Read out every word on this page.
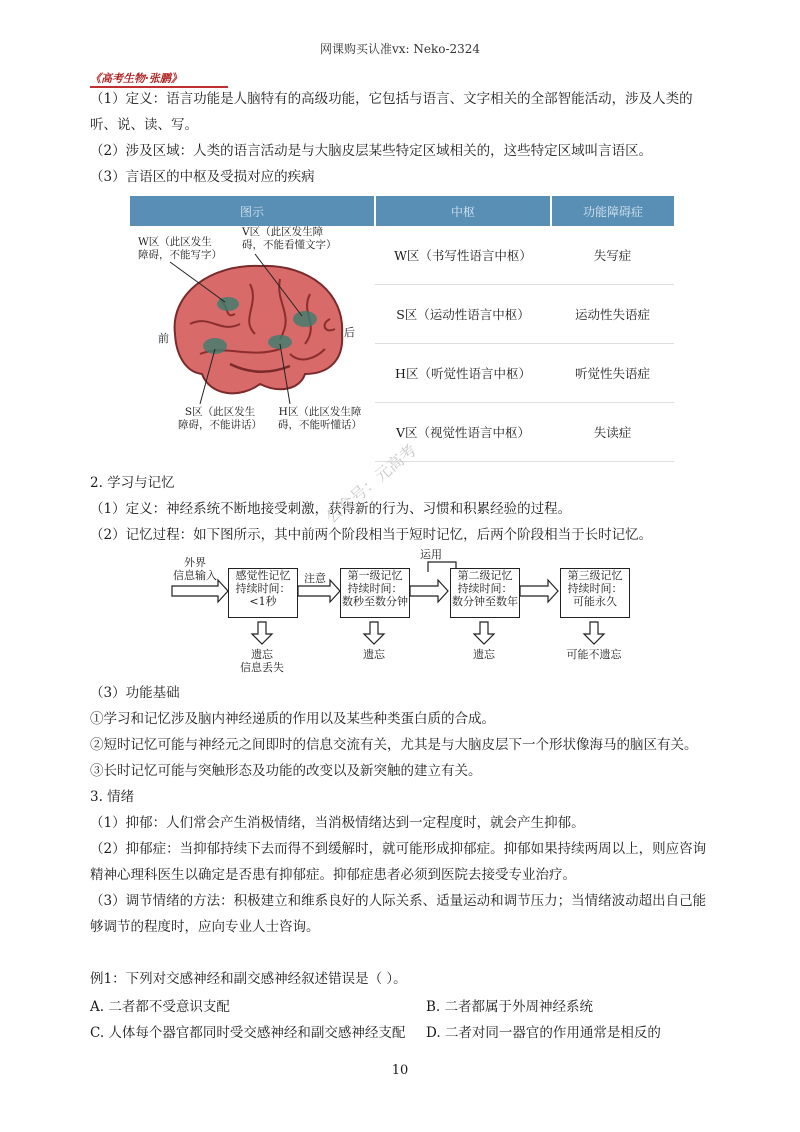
网课购买认准vx: Neko-2324
《高考生物·张鹏》
（1）定义：语言功能是人脑特有的高级功能，它包括与语言、文字相关的全部智能活动，涉及人类的
听、说、读、写。
（2）涉及区域：人类的语言活动是与大脑皮层某些特定区域相关的，这些特定区域叫言语区。
（3）言语区的中枢及受损对应的疾病
图示	中枢	功能障碍症
	W区（书写性语言中枢）	失写症
	S区（运动性语言中枢）	运动性失语症
	H区（听觉性语言中枢）	听觉性失语症
	V区（视觉性语言中枢）	失读症
W区（此区发生
障碍，不能写字）
V区（此区发生障
碍，不能看懂文字）
前	后
S区（此区发生
障碍，不能讲话）
H区（此区发生障
碍，不能听懂话）
2. 学习与记忆
（1）定义：神经系统不断地接受刺激，获得新的行为、习惯和积累经验的过程。
（2）记忆过程：如下图所示，其中前两个阶段相当于短时记忆，后两个阶段相当于长时记忆。
外界
信息输入	感觉性记忆
持续时间：
<1秒
注意	第一级记忆
持续时间：
数秒至数分钟
运用
第二级记忆
持续时间：
数分钟至数年
第三级记忆
持续时间：
可能永久
遗忘
信息丢失
遗忘	遗忘	可能不遗忘
（3）功能基础
①学习和记忆涉及脑内神经递质的作用以及某些种类蛋白质的合成。
②短时记忆可能与神经元之间即时的信息交流有关，尤其是与大脑皮层下一个形状像海马的脑区有关。
③长时记忆可能与突触形态及功能的改变以及新突触的建立有关。
3. 情绪
（1）抑郁：人们常会产生消极情绪，当消极情绪达到一定程度时，就会产生抑郁。
（2）抑郁症：当抑郁持续下去而得不到缓解时，就可能形成抑郁症。抑郁如果持续两周以上，则应咨询
精神心理科医生以确定是否患有抑郁症。抑郁症患者必须到医院去接受专业治疗。
（3）调节情绪的方法：积极建立和维系良好的人际关系、适量运动和调节压力；当情绪波动超出自己能
够调节的程度时，应向专业人士咨询。
例1：下列对交感神经和副交感神经叙述错误是（ ）。
A. 二者都不受意识支配	B. 二者都属于外周神经系统
C. 人体每个器官都同时受交感神经和副交感神经支配 D. 二者对同一器官的作用通常是相反的
公众号：元高考
10
